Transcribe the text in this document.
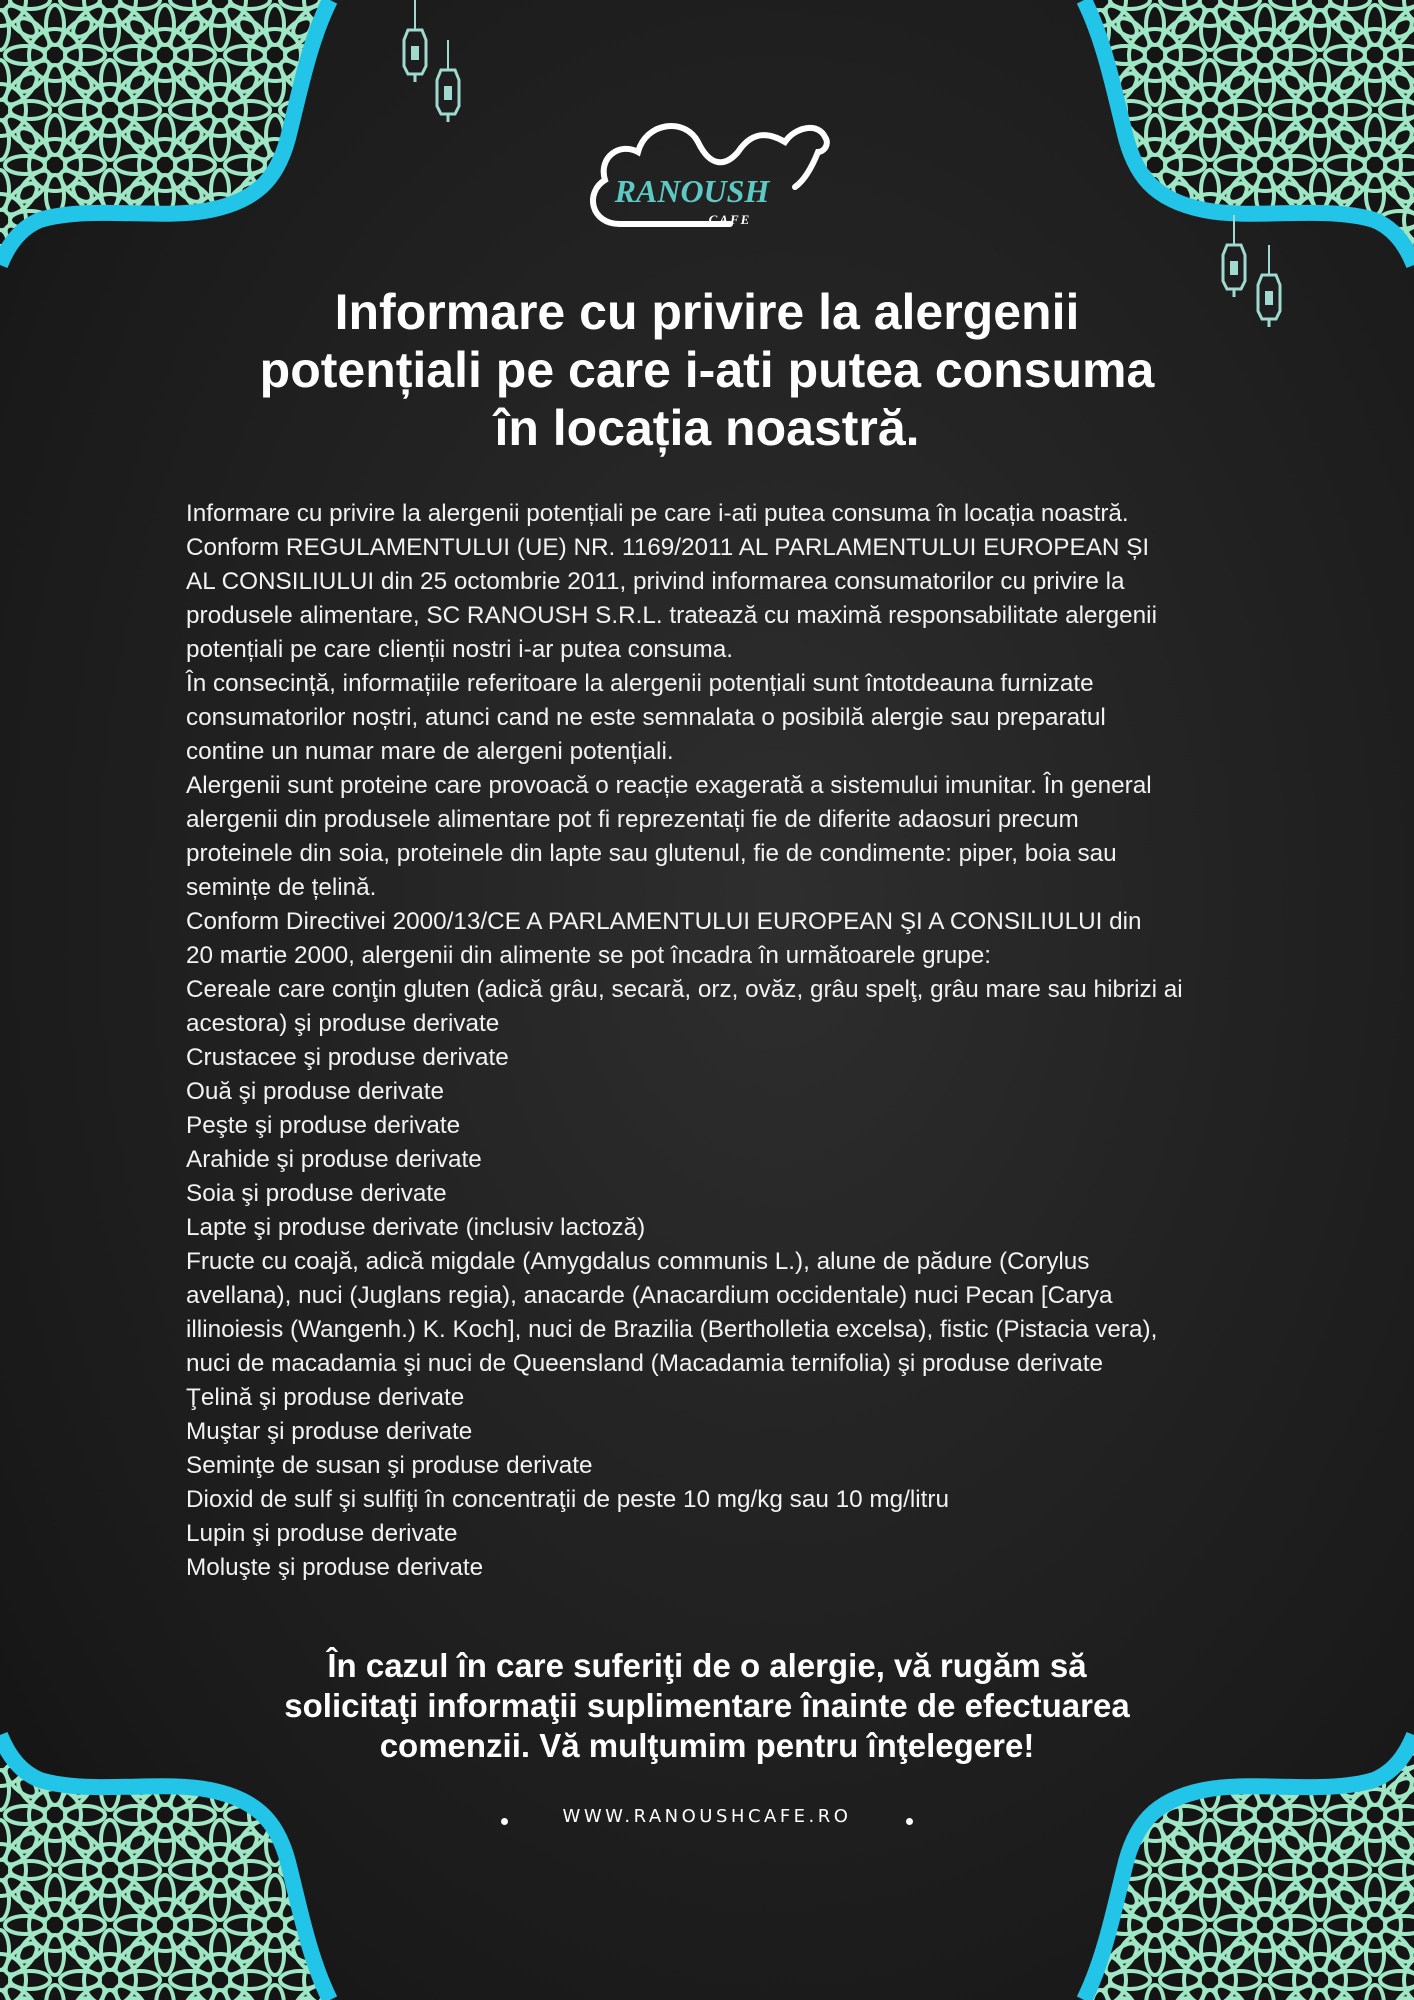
RANOUSH
CAFE
Informare cu privire la alergenii
potențiali pe care i-ati putea consuma
în locația noastră.
Informare cu privire la alergenii potențiali pe care i-ati putea consuma în locația noastră.
Conform REGULAMENTULUI (UE) NR. 1169/2011 AL PARLAMENTULUI EUROPEAN ȘI
AL CONSILIULUI din 25 octombrie 2011, privind informarea consumatorilor cu privire la
produsele alimentare, SC RANOUSH S.R.L. tratează cu maximă responsabilitate alergenii
potențiali pe care clienții nostri i-ar putea consuma.
În consecință, informațiile referitoare la alergenii potențiali sunt întotdeauna furnizate
consumatorilor noștri, atunci cand ne este semnalata o posibilă alergie sau preparatul
contine un numar mare de alergeni potențiali.
Alergenii sunt proteine care provoacă o reacție exagerată a sistemului imunitar. În general
alergenii din produsele alimentare pot fi reprezentați fie de diferite adaosuri precum
proteinele din soia, proteinele din lapte sau glutenul, fie de condimente: piper, boia sau
semințe de țelină.
Conform Directivei 2000/13/CE A PARLAMENTULUI EUROPEAN ŞI A CONSILIULUI din
20 martie 2000, alergenii din alimente se pot încadra în următoarele grupe:
Cereale care conţin gluten (adică grâu, secară, orz, ovăz, grâu spelţ, grâu mare sau hibrizi ai
acestora) şi produse derivate
Crustacee şi produse derivate
Ouă şi produse derivate
Peşte şi produse derivate
Arahide şi produse derivate
Soia şi produse derivate
Lapte şi produse derivate (inclusiv lactoză)
Fructe cu coajă, adică migdale (Amygdalus communis L.), alune de pădure (Corylus
avellana), nuci (Juglans regia), anacarde (Anacardium occidentale) nuci Pecan [Carya
illinoiesis (Wangenh.) K. Koch], nuci de Brazilia (Bertholletia excelsa), fistic (Pistacia vera),
nuci de macadamia şi nuci de Queensland (Macadamia ternifolia) şi produse derivate
Ţelină şi produse derivate
Muştar şi produse derivate
Seminţe de susan şi produse derivate
Dioxid de sulf şi sulfiţi în concentraţii de peste 10 mg/kg sau 10 mg/litru
Lupin şi produse derivate
Moluşte şi produse derivate
În cazul în care suferiţi de o alergie, vă rugăm să
solicitaţi informaţii suplimentare înainte de efectuarea
comenzii. Vă mulţumim pentru înţelegere!
WWW.RANOUSHCAFE.RO
